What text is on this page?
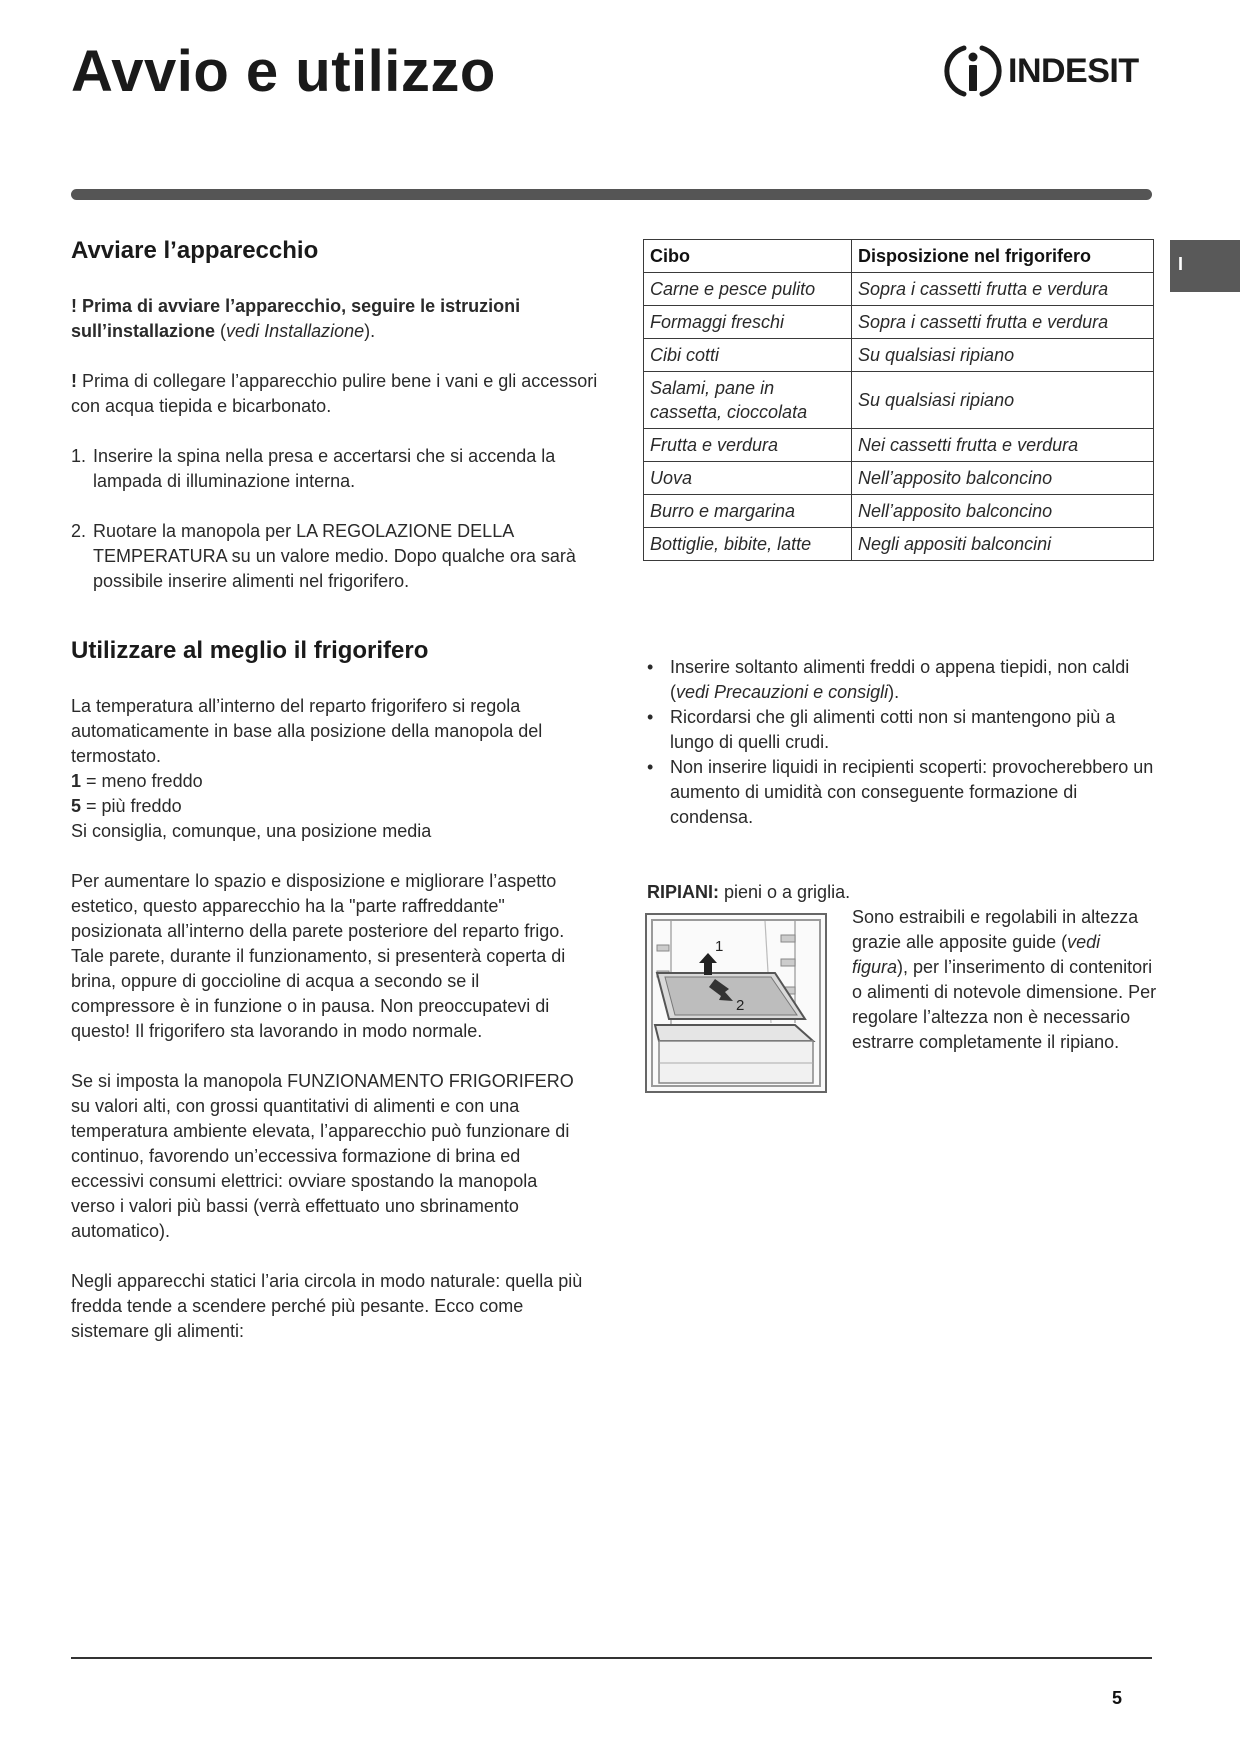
Avvio e utilizzo	INDESIT
I
Avviare l’apparecchio

! Prima di avviare l’apparecchio, seguire le istruzioni sull’installazione (vedi Installazione).

! Prima di collegare l’apparecchio pulire bene i vani e gli accessori con acqua tiepida e bicarbonato.

1. Inserire la spina nella presa e accertarsi che si accenda la lampada di illuminazione interna.
2. Ruotare la manopola per LA REGOLAZIONE DELLA TEMPERATURA su un valore medio. Dopo qualche ora sarà possibile inserire alimenti nel frigorifero.
Cibo	Disposizione nel frigorifero
Carne e pesce pulito	Sopra i cassetti frutta e verdura
Formaggi freschi	Sopra i cassetti frutta e verdura
Cibi cotti	Su qualsiasi ripiano
Salami, pane in cassetta, cioccolata	Su qualsiasi ripiano
Frutta e verdura	Nei cassetti frutta e verdura
Uova	Nell’apposito balconcino
Burro e margarina	Nell’apposito balconcino
Bottiglie, bibite, latte	Negli appositi balconcini
Utilizzare al meglio il frigorifero
La temperatura all’interno del reparto frigorifero si regola automaticamente in base alla posizione della manopola del termostato.
1 = meno freddo
5 = più freddo
Si consiglia, comunque, una posizione media

Per aumentare lo spazio e disposizione e migliorare l’aspetto estetico, questo apparecchio ha la "parte raffreddante" posizionata all’interno della parete posteriore del reparto frigo. Tale parete, durante il funzionamento, si presenterà coperta di brina, oppure di goccioline di acqua a secondo se il compressore è in funzione o in pausa. Non preoccupatevi di questo! Il frigorifero sta lavorando in modo normale.

Se si imposta la manopola FUNZIONAMENTO FRIGORIFERO su valori alti, con grossi quantitativi di alimenti e con una temperatura ambiente elevata, l’apparecchio può funzionare di continuo, favorendo un’eccessiva formazione di brina ed eccessivi consumi elettrici: ovviare spostando la manopola verso i valori più bassi (verrà effettuato uno sbrinamento automatico).

Negli apparecchi statici l’aria circola in modo naturale: quella più fredda tende a scendere perché più pesante. Ecco come sistemare gli alimenti:

• Inserire soltanto alimenti freddi o appena tiepidi, non caldi (vedi Precauzioni e consigli).
• Ricordarsi che gli alimenti cotti non si mantengono più a lungo di quelli crudi.
• Non inserire liquidi in recipienti scoperti: provocherebbero un aumento di umidità con conseguente formazione di condensa.
RIPIANI: pieni o a griglia.
1
2
Sono estraibili e regolabili in altezza grazie alle apposite guide (vedi figura), per l’inserimento di contenitori o alimenti di notevole dimensione. Per regolare l’altezza non è necessario estrarre completamente il ripiano.
5
